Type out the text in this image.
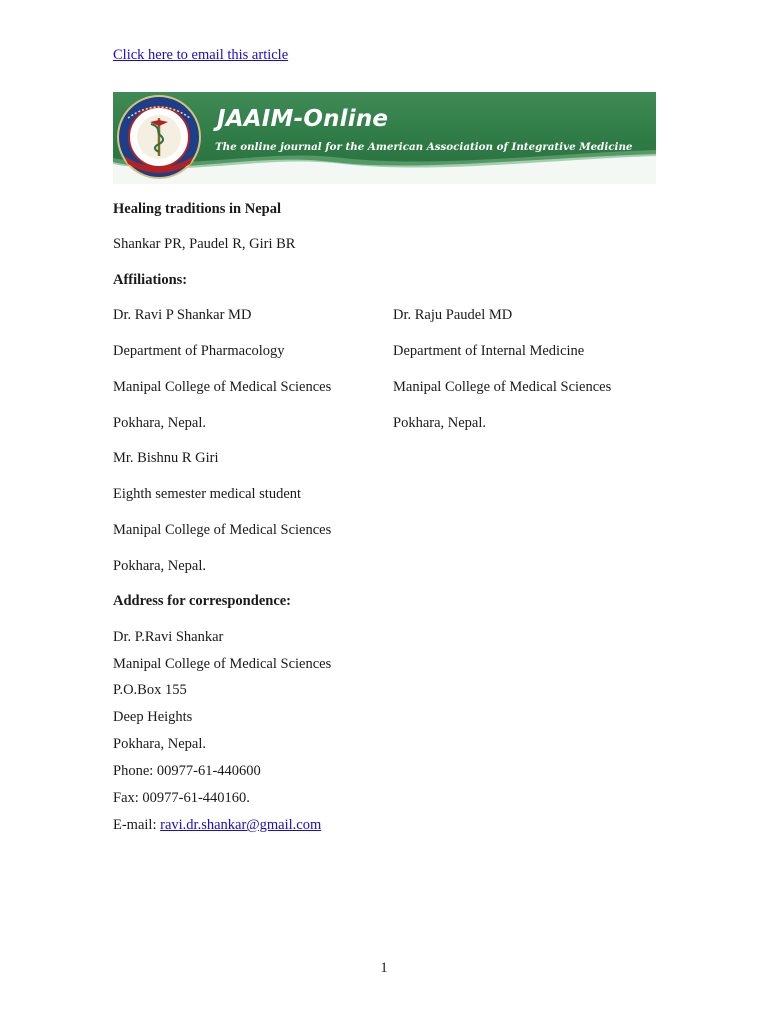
Click here to email this article
JAAIM-Online
The online journal for the American Association of Integrative Medicine
Healing traditions in Nepal
Shankar PR, Paudel R, Giri BR
Affiliations:
Dr. Ravi P Shankar MD	Dr. Raju Paudel MD
Department of Pharmacology	Department of Internal Medicine
Manipal College of Medical Sciences	Manipal College of Medical Sciences
Pokhara, Nepal.	Pokhara, Nepal.
Mr. Bishnu R Giri
Eighth semester medical student
Manipal College of Medical Sciences
Pokhara, Nepal.
Address for correspondence:
Dr. P.Ravi Shankar
Manipal College of Medical Sciences
P.O.Box 155
Deep Heights
Pokhara, Nepal.
Phone: 00977-61-440600
Fax: 00977-61-440160.
E-mail: ravi.dr.shankar@gmail.com
1
